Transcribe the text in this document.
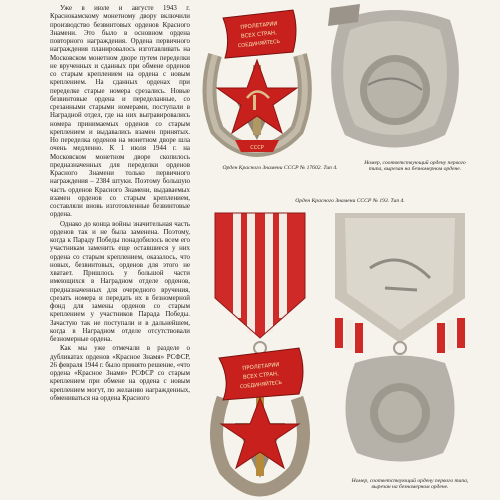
Уже в июле и августе 1943 г. Краснокамскому монетному двору включили производство безвинтовых орденов Красного Знамени. Это было в основном ордена повторного награждения. Ордена первичного награждения планировалось изготавливать на Московском монетном дворе путем переделки не врученных и сданных при обмене орденов со старым креплением на ордена с новым креплением. На сданных орденах при переделке старые номера срезались. Новые безвинтовые ордена и переделанные, со срезанными старыми номерами, поступали в Наградной отдел, где на них выгравировались номера принимаемых орденов со старым креплением и выдавались взамен принятых. Но переделка орденов на монетном дворе шла очень медленно. К 1 июля 1944 г. на Московском монетном дворе скопилось предназначенных для переделки орденов Красного Знамени только первичного награждения – 2384 штуки. Поэтому большую часть орденов Красного Знамени, выдаваемых взамен орденов со старым креплением, составляли вновь изготовленные безвинтовые ордена.

Однако до конца войны значительная часть орденов так и не была заменена. Поэтому, когда к Параду Победы понадобилось всем его участникам заменить еще оставшиеся у них ордена со старым креплением, оказалось, что новых, безвинтовых, орденов для этого не хватает. Пришлось у большой части имеющихся в Наградном отделе орденов, предназначенных для очередного вручения, срезать номера и передать их в безномерной фонд для замены орденов со старым креплением у участников Парада Победы. Зачастую так не поступали и в дальнейшем, когда в Наградном отделе отсутствовали безномерные ордена.

Как мы уже отмечали в разделе о дубликатах орденов «Красное Знамя» РСФСР, 26 февраля 1944 г. было принято решение, «что ордена «Красное Знамя» РСФСР со старым креплением при обмене на ордена с новым креплением могут, по желанию награжденных, обмениваться на ордена Красного

ПРОЛЕТАРИИ
ВСЕХ СТРАН,
СОЕДИНЯЙТЕСЬ
СССР
Орден Красного Знамени СССР № 17602. Тип 4.
Номер, соответствующий ордену первого типа, вырезан на безномерном ордене.
Орден Красного Знамени СССР № 193. Тип 4.
ПРОЛЕТАРИИ
ВСЕХ СТРАН,
СОЕДИНЯЙТЕСЬ
Номер, соответствующий ордену первого типа, вырезан на безномерном ордене.
